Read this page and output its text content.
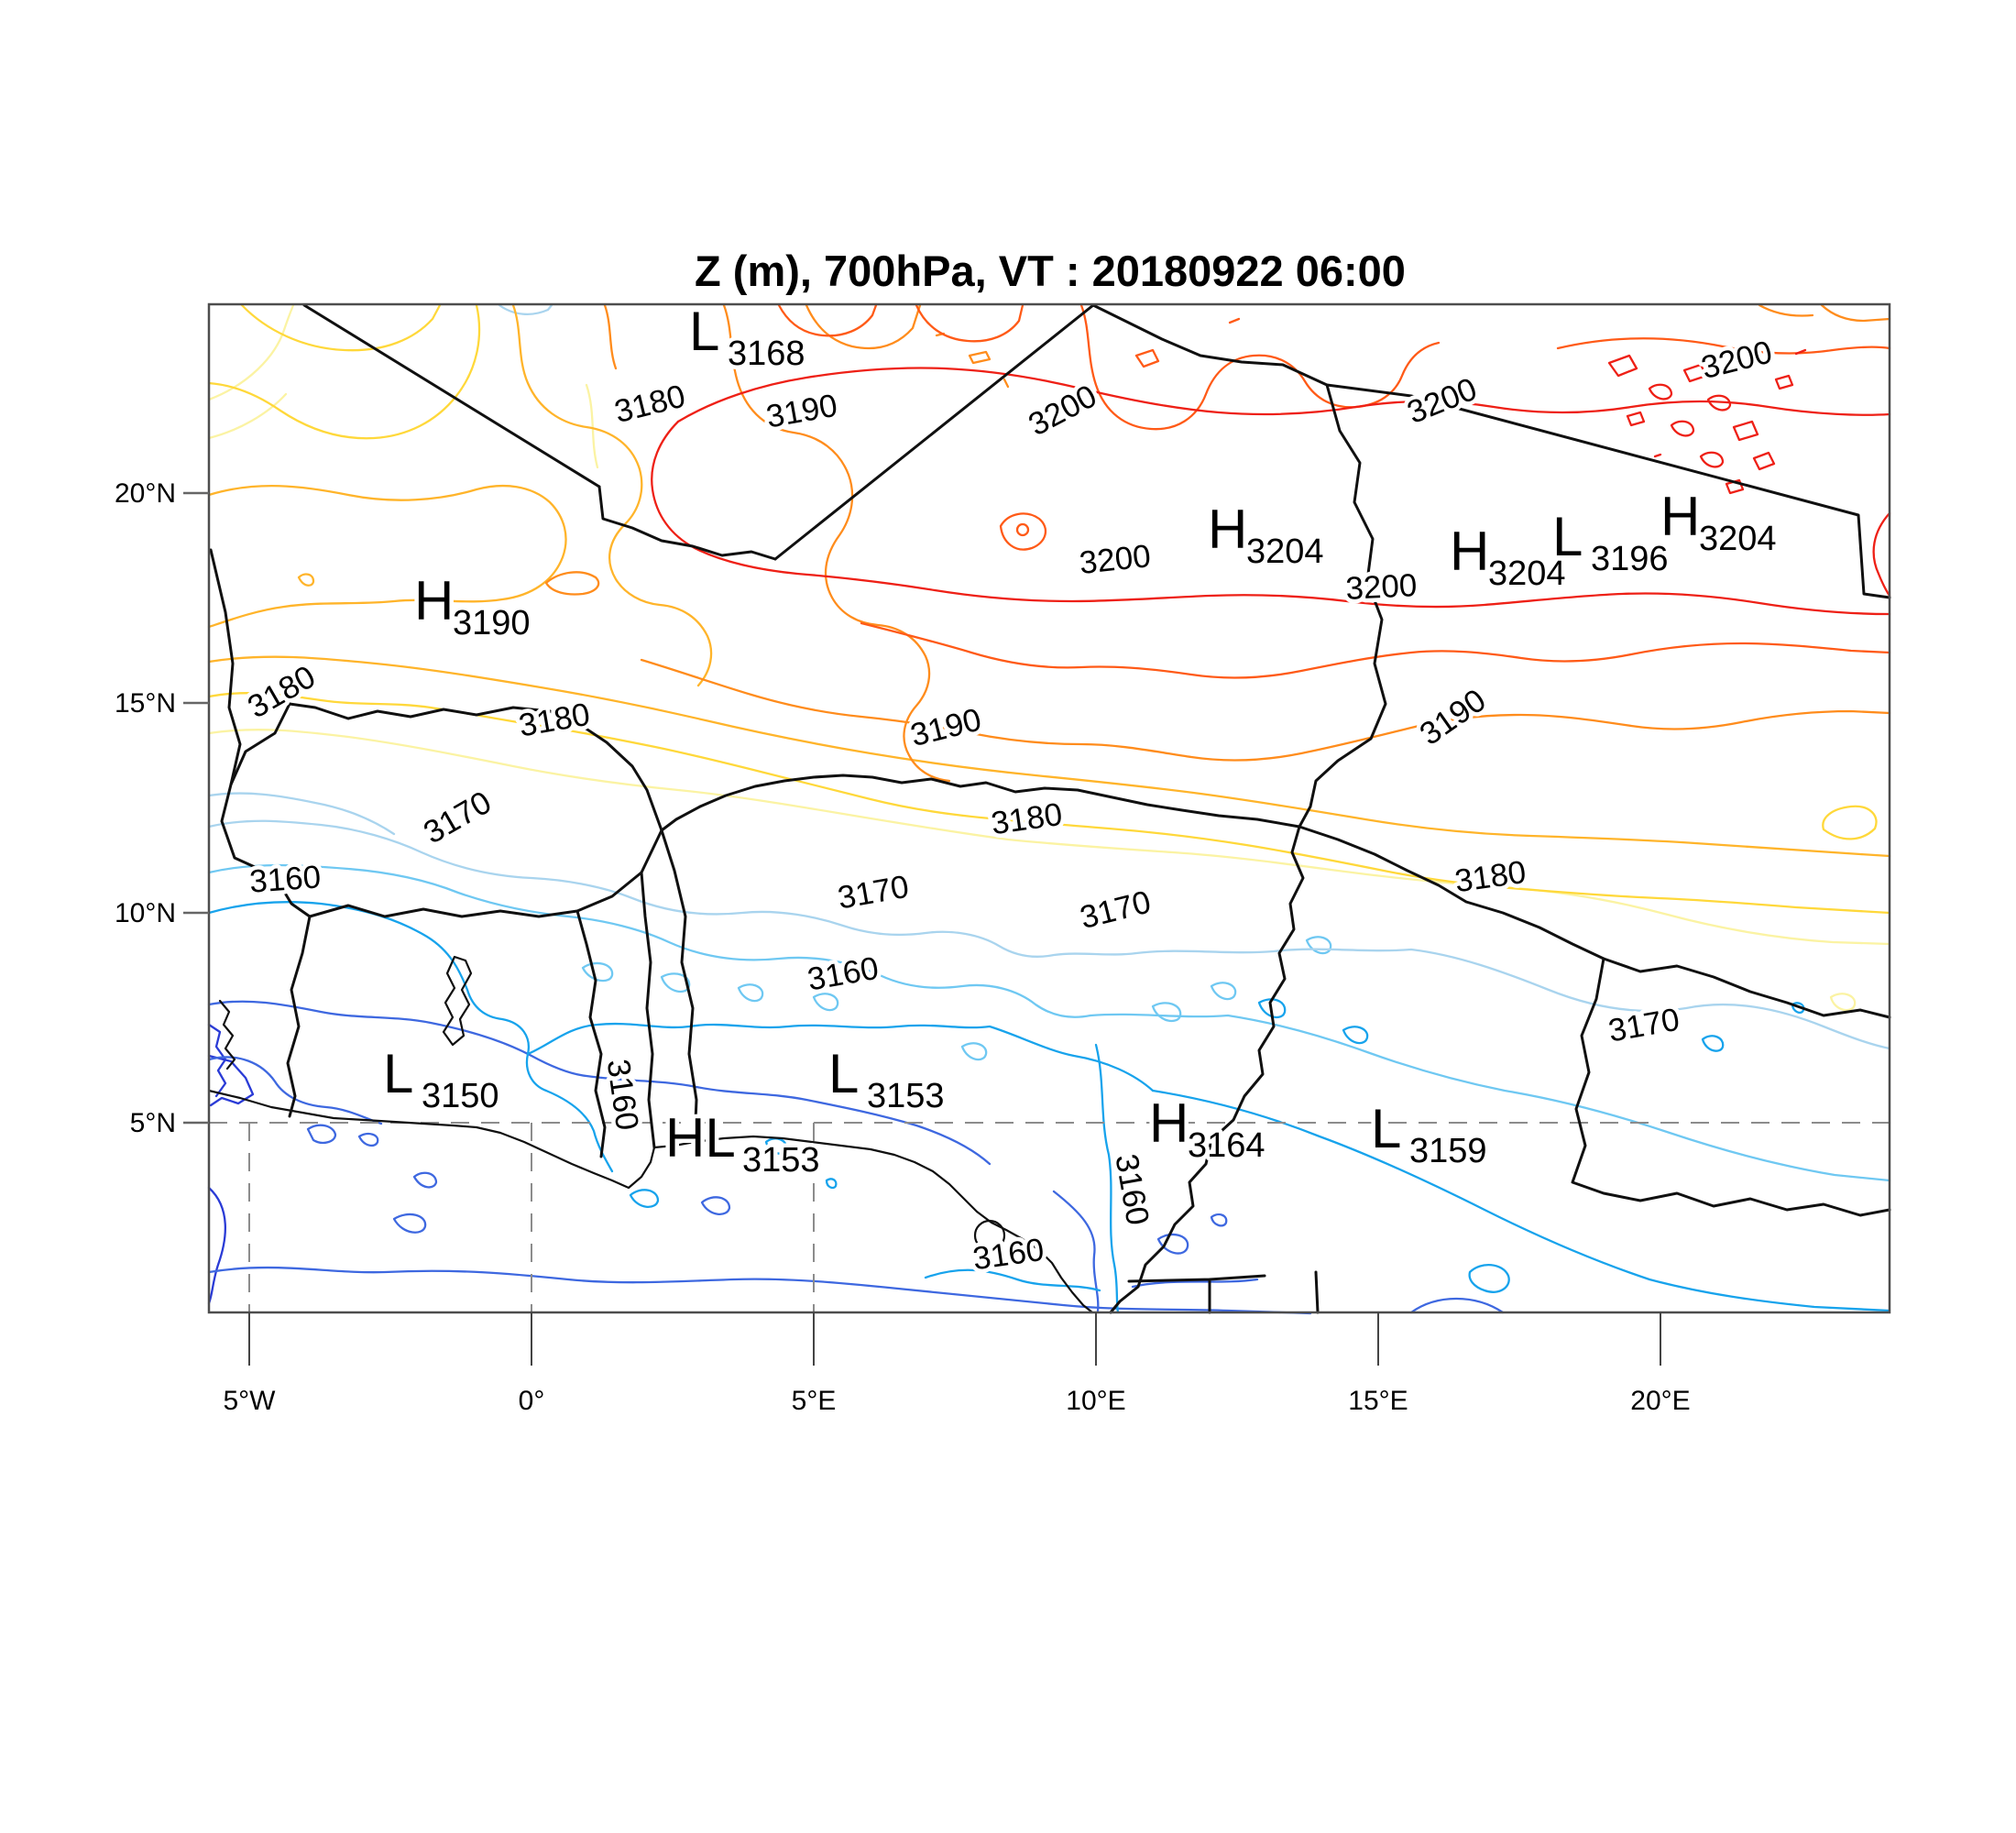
Z (m), 700hPa, VT : 20180922 06:00
20°N
15°N
10°N
5°N
5°W	0°	5°E	10°E	15°E	20°E
3180 3190	3200	3200
3200
3200
3200
3190	3190
3180	3180
3180
3180
3170
3170	3170
3170
3160
3160
3160
3160
3160
L 3168
H
3190
H
3204 H
3204
L 3196
H
3204
L 3150
HL 3153
L 3153	H
3164 L 3159
